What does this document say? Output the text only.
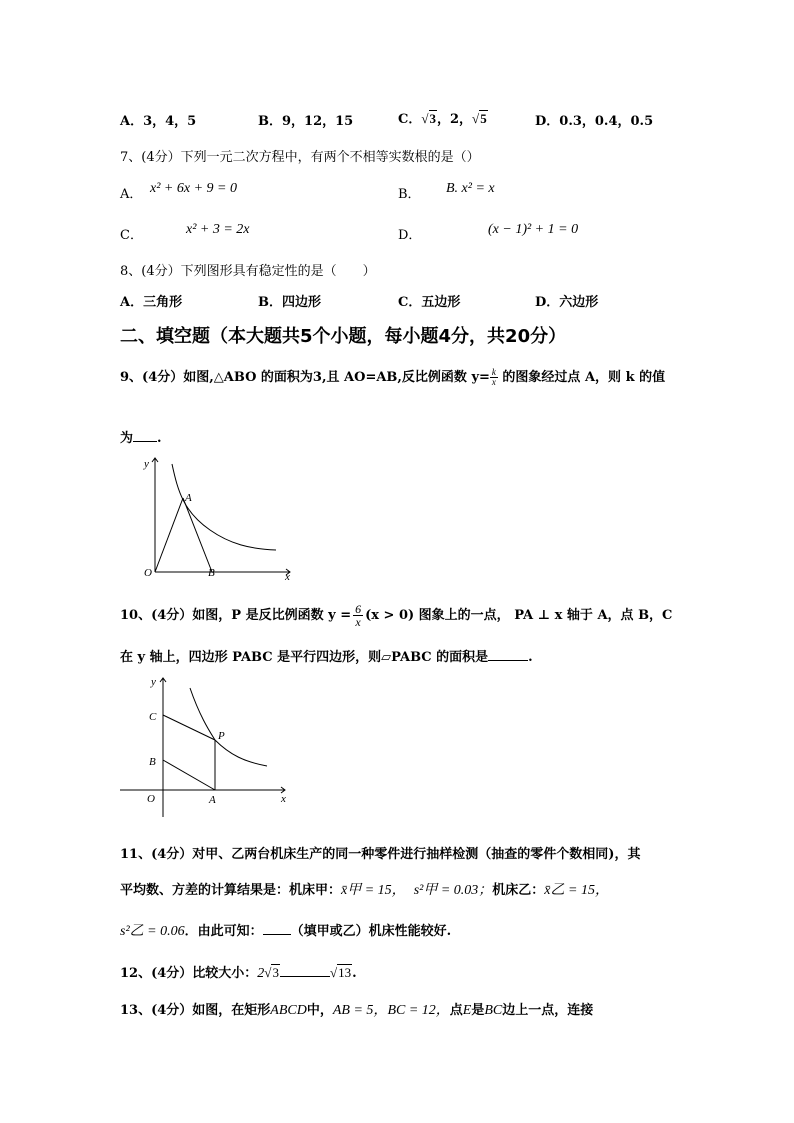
A．3，4，5	B．9，12，15	C．√3，2，√5	D．0.3，0.4，0.5
7、(4分）下列一元二次方程中，有两个不相等实数根的是（）
A． x² + 6x + 9 = 0	B． B. x² = x
C．	x² + 3 = 2x	D．	(x − 1)² + 1 = 0
8、(4分）下列图形具有稳定性的是（　　）
A．三角形	B．四边形	C．五边形	D．六边形
二、填空题（本大题共5个小题，每小题4分，共20分）
9、(4分）如图,△ABO 的面积为3,且 AO=AB,反比例函数 $y= \frac{k}{x}$ 的图象经过点 A，则 k 的值
为 .
y
x
O
A
B
10、(4分）如图，P 是反比例函数 $y = \frac{6}{x} (x > 0)$ 图象上的一点， PA ⊥ x 轴于 A，点 B，C
在 y 轴上，四边形 PABC 是平行四边形，则▱PABC 的面积是	.
y
x
O
C
B
A
P
11、(4分）对甲、乙两台机床生产的同一种零件进行抽样检测（抽查的零件个数相同)，其
平均数、方差的计算结果是：机床甲：x̄甲 = 15， s²甲 = 0.03；机床乙：x̄乙 = 15，
s²乙 = 0.06．由此可知： （填甲或乙）机床性能较好.
12、(4分）比较大小：2√3	√13.
13、(4分）如图，在矩形ABCD中，AB = 5，BC = 12，点E是BC边上一点，连接
